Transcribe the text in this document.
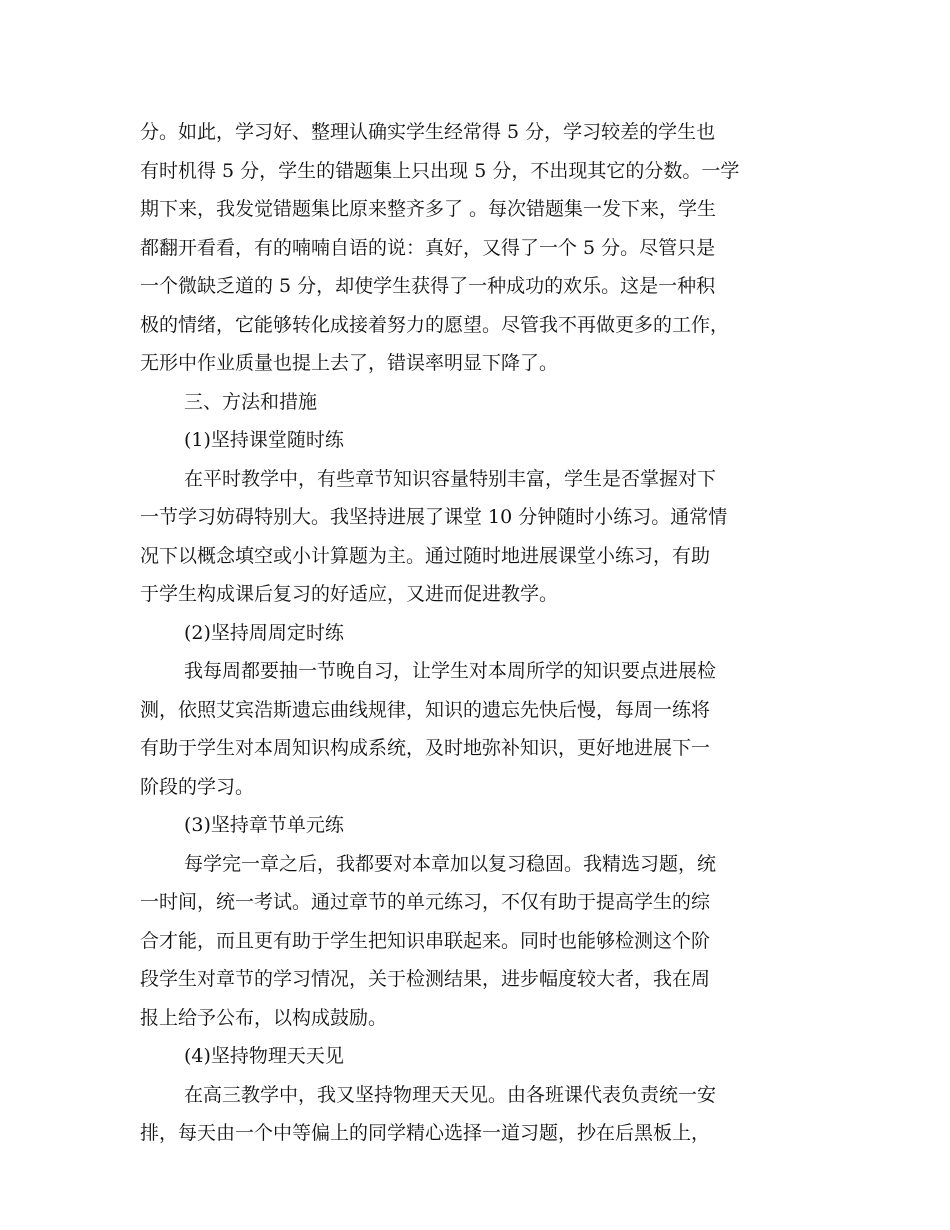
分。如此，学习好、整理认确实学生经常得 5 分，学习较差的学生也
有时机得 5 分，学生的错题集上只出现 5 分，不出现其它的分数。一学
期下来，我发觉错题集比原来整齐多了 。每次错题集一发下来，学生
都翻开看看，有的喃喃自语的说：真好，又得了一个 5 分。尽管只是
一个微缺乏道的 5 分，却使学生获得了一种成功的欢乐。这是一种积
极的情绪，它能够转化成接着努力的愿望。尽管我不再做更多的工作，
无形中作业质量也提上去了，错误率明显下降了。
三、方法和措施
(1)坚持课堂随时练
在平时教学中，有些章节知识容量特别丰富，学生是否掌握对下
一节学习妨碍特别大。我坚持进展了课堂 10 分钟随时小练习。通常情
况下以概念填空或小计算题为主。通过随时地进展课堂小练习，有助
于学生构成课后复习的好适应，又进而促进教学。
(2)坚持周周定时练
我每周都要抽一节晚自习，让学生对本周所学的知识要点进展检
测，依照艾宾浩斯遗忘曲线规律，知识的遗忘先快后慢，每周一练将
有助于学生对本周知识构成系统，及时地弥补知识，更好地进展下一
阶段的学习。
(3)坚持章节单元练
每学完一章之后，我都要对本章加以复习稳固。我精选习题，统
一时间，统一考试。通过章节的单元练习，不仅有助于提高学生的综
合才能，而且更有助于学生把知识串联起来。同时也能够检测这个阶
段学生对章节的学习情况，关于检测结果，进步幅度较大者，我在周
报上给予公布，以构成鼓励。
(4)坚持物理天天见
在高三教学中，我又坚持物理天天见。由各班课代表负责统一安
排，每天由一个中等偏上的同学精心选择一道习题，抄在后黑板上，
